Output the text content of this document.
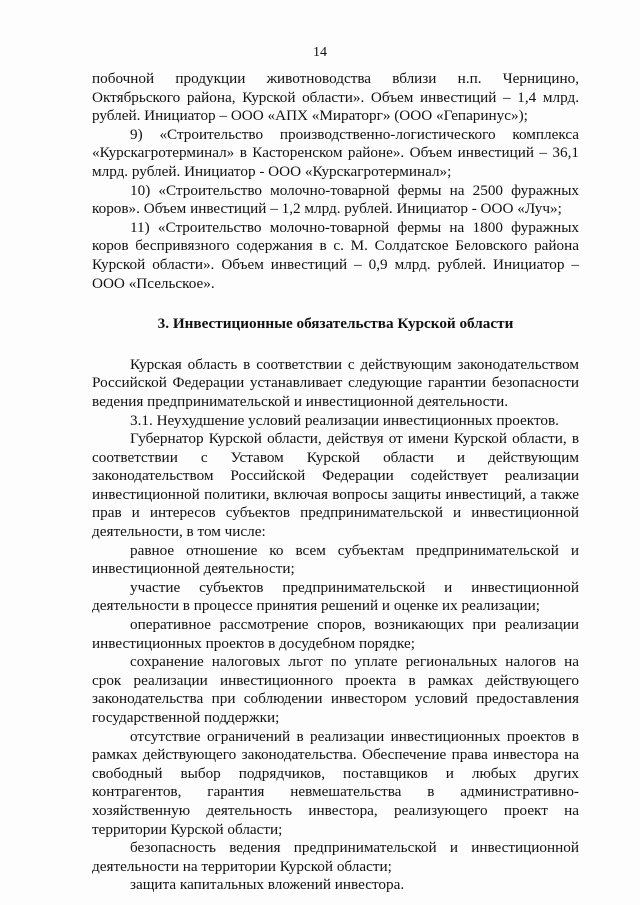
14

побочной продукции животноводства вблизи н.п. Черницино, Октябрьского района, Курской области». Объем инвестиций – 1,4 млрд. рублей. Инициатор – ООО «АПХ «Мираторг» (ООО «Гепаринус»);

9) «Строительство производственно-логистического комплекса «Курскагротерминал» в Касторенском районе». Объем инвестиций – 36,1 млрд. рублей. Инициатор - ООО «Курскагротерминал»;

10) «Строительство молочно-товарной фермы на 2500 фуражных коров». Объем инвестиций – 1,2 млрд. рублей. Инициатор - ООО «Луч»;

11) «Строительство молочно-товарной фермы на 1800 фуражных коров беспривязного содержания в с. М. Солдатское Беловского района Курской области». Объем инвестиций – 0,9 млрд. рублей. Инициатор – ООО «Псельское».

3. Инвестиционные обязательства Курской области

Курская область в соответствии с действующим законодательством Российской Федерации устанавливает следующие гарантии безопасности ведения предпринимательской и инвестиционной деятельности.

3.1. Неухудшение условий реализации инвестиционных проектов.

Губернатор Курской области, действуя от имени Курской области, в соответствии с Уставом Курской области и действующим законодательством Российской Федерации содействует реализации инвестиционной политики, включая вопросы защиты инвестиций, а также прав и интересов субъектов предпринимательской и инвестиционной деятельности, в том числе:

равное отношение ко всем субъектам предпринимательской и инвестиционной деятельности;

участие субъектов предпринимательской и инвестиционной деятельности в процессе принятия решений и оценке их реализации;

оперативное рассмотрение споров, возникающих при реализации инвестиционных проектов в досудебном порядке;

сохранение налоговых льгот по уплате региональных налогов на срок реализации инвестиционного проекта в рамках действующего законодательства при соблюдении инвестором условий предоставления государственной поддержки;

отсутствие ограничений в реализации инвестиционных проектов в рамках действующего законодательства. Обеспечение права инвестора на свободный выбор подрядчиков, поставщиков и любых других контрагентов, гарантия невмешательства в административно-хозяйственную деятельность инвестора, реализующего проект на территории Курской области;

безопасность ведения предпринимательской и инвестиционной деятельности на территории Курской области;

защита капитальных вложений инвестора.
